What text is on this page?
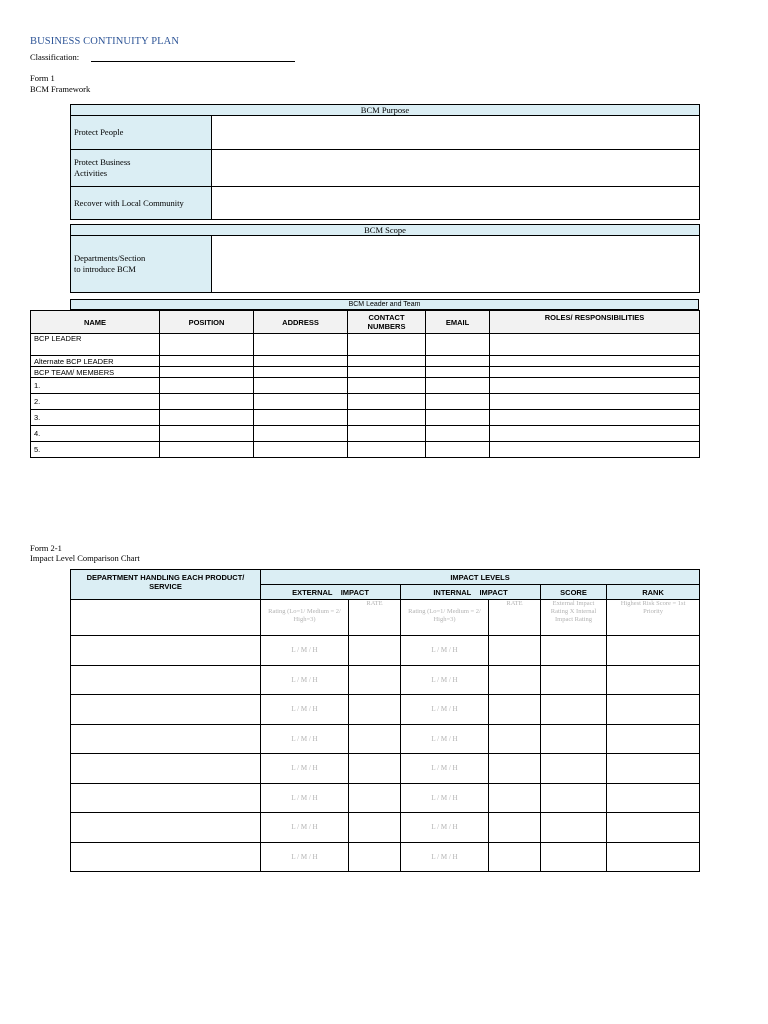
BUSINESS CONTINUITY PLAN
Classification:
Form 1
BCM Framework
BCM Purpose	
Protect People	
Protect Business
Activities	
Recover with Local Community	
BCM Scope
Departments/Section
to introduce BCM	
BCM Leader and Team
NAME	POSITION	ADDRESS	CONTACT NUMBERS	EMAIL	ROLES/ RESPONSIBILITIES
BCP LEADER					
Alternate BCP LEADER					
BCP TEAM/ MEMBERS					
1.					
2.					
3.					
4.					
5.					
Form 2-1
Impact Level Comparison Chart
DEPARTMENT HANDLING EACH PRODUCT/ SERVICE	IMPACT LEVELS					
	EXTERNAL    IMPACT		INTERNAL    IMPACT		SCORE	RANK
	Rating (Lo=1/ Medium = 2/ High=3)	RATE	Rating (Lo=1/ Medium = 2/ High=3)	RATE	External Impact Rating X Internal Impact Rating	Highest Risk Score = 1st Priority
	L / M / H		L / M / H			
	L / M / H		L / M / H			
	L / M / H		L / M / H			
	L / M / H		L / M / H			
	L / M / H		L / M / H			
	L / M / H		L / M / H			
	L / M / H		L / M / H			
	L / M / H		L / M / H			
